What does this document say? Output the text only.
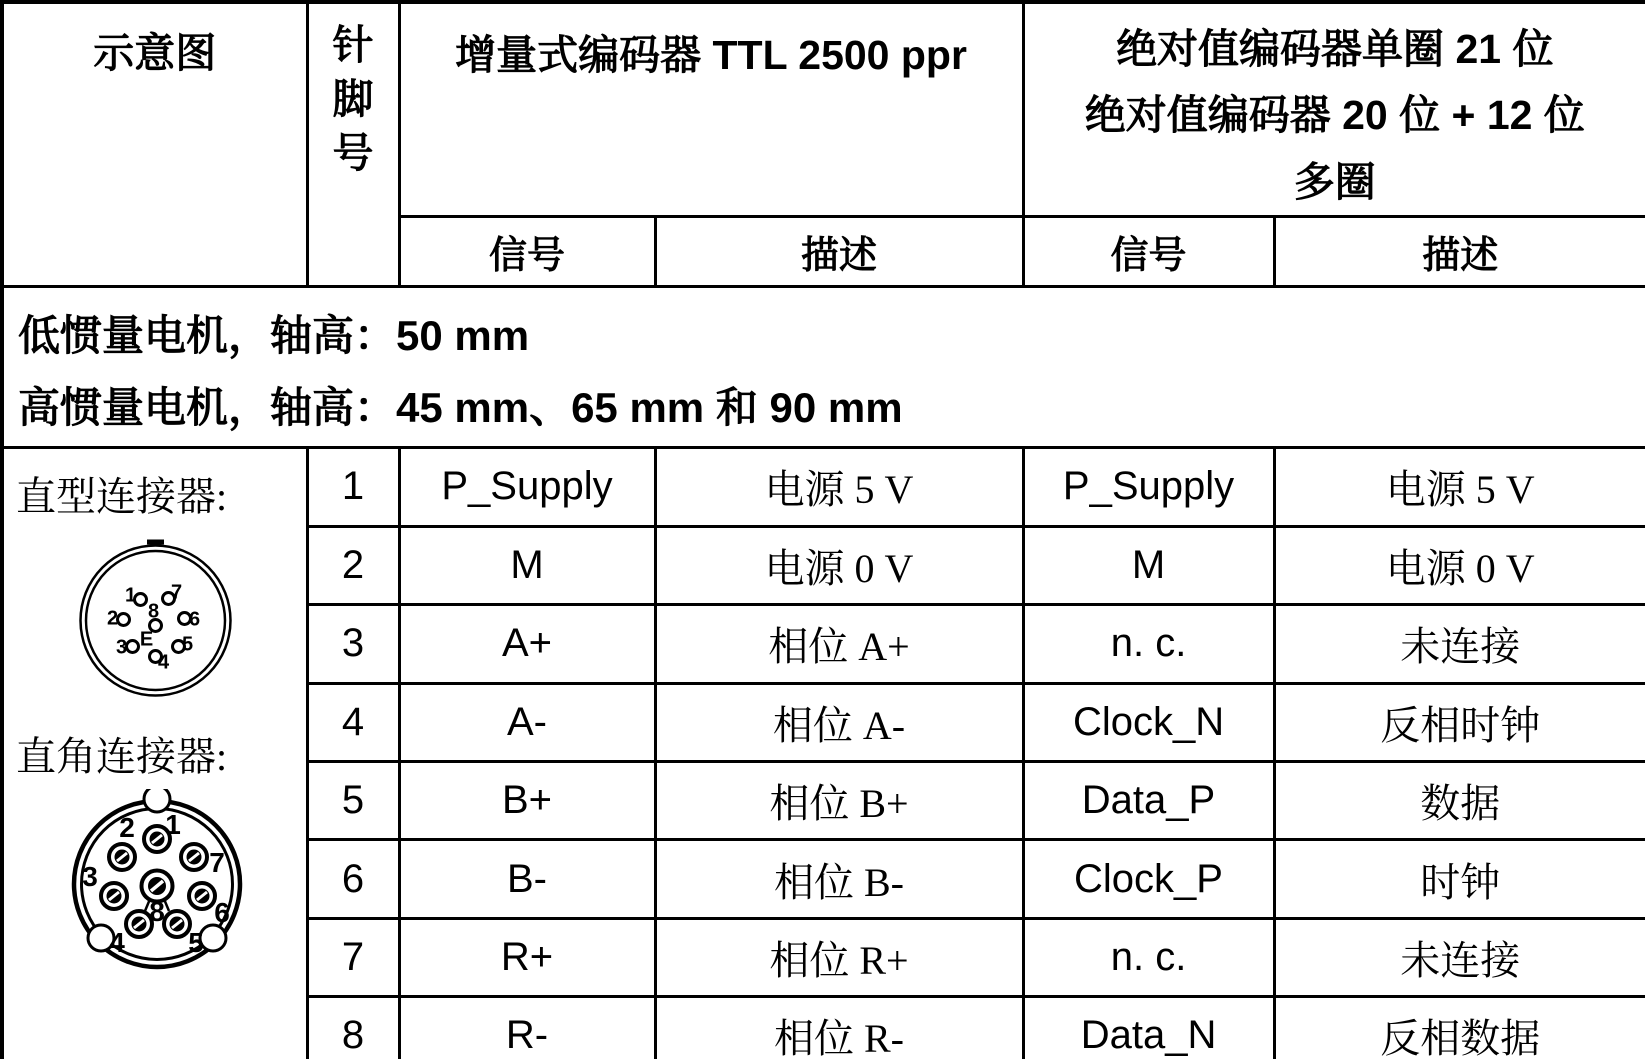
示意图	针脚号	增量式编码器 TTL 2500 ppr		绝对值编码器单圈 21 位
绝对值编码器 20 位 + 12 位多圈	

		信号	描述	信号	描述

低惯量电机，轴高：50 mm
高惯量电机，轴高：45 mm、65 mm 和 90 mm					

直型连接器:
1
2
3
4
5
6
7
8
E
直角连接器:
1
2
3
4 5
6
7
8
	1	P_Supply	电源 5 V	P_Supply	电源 5 V
	2	M	电源 0 V	M	电源 0 V
	3	A+	相位 A+	n. c.	未连接
	4	A-	相位 A-	Clock_N	反相时钟
	5	B+	相位 B+	Data_P	数据
	6	B-	相位 B-	Clock_P	时钟
	7	R+	相位 R+	n. c.	未连接
	8	R-	相位 R-	Data_N	反相数据
